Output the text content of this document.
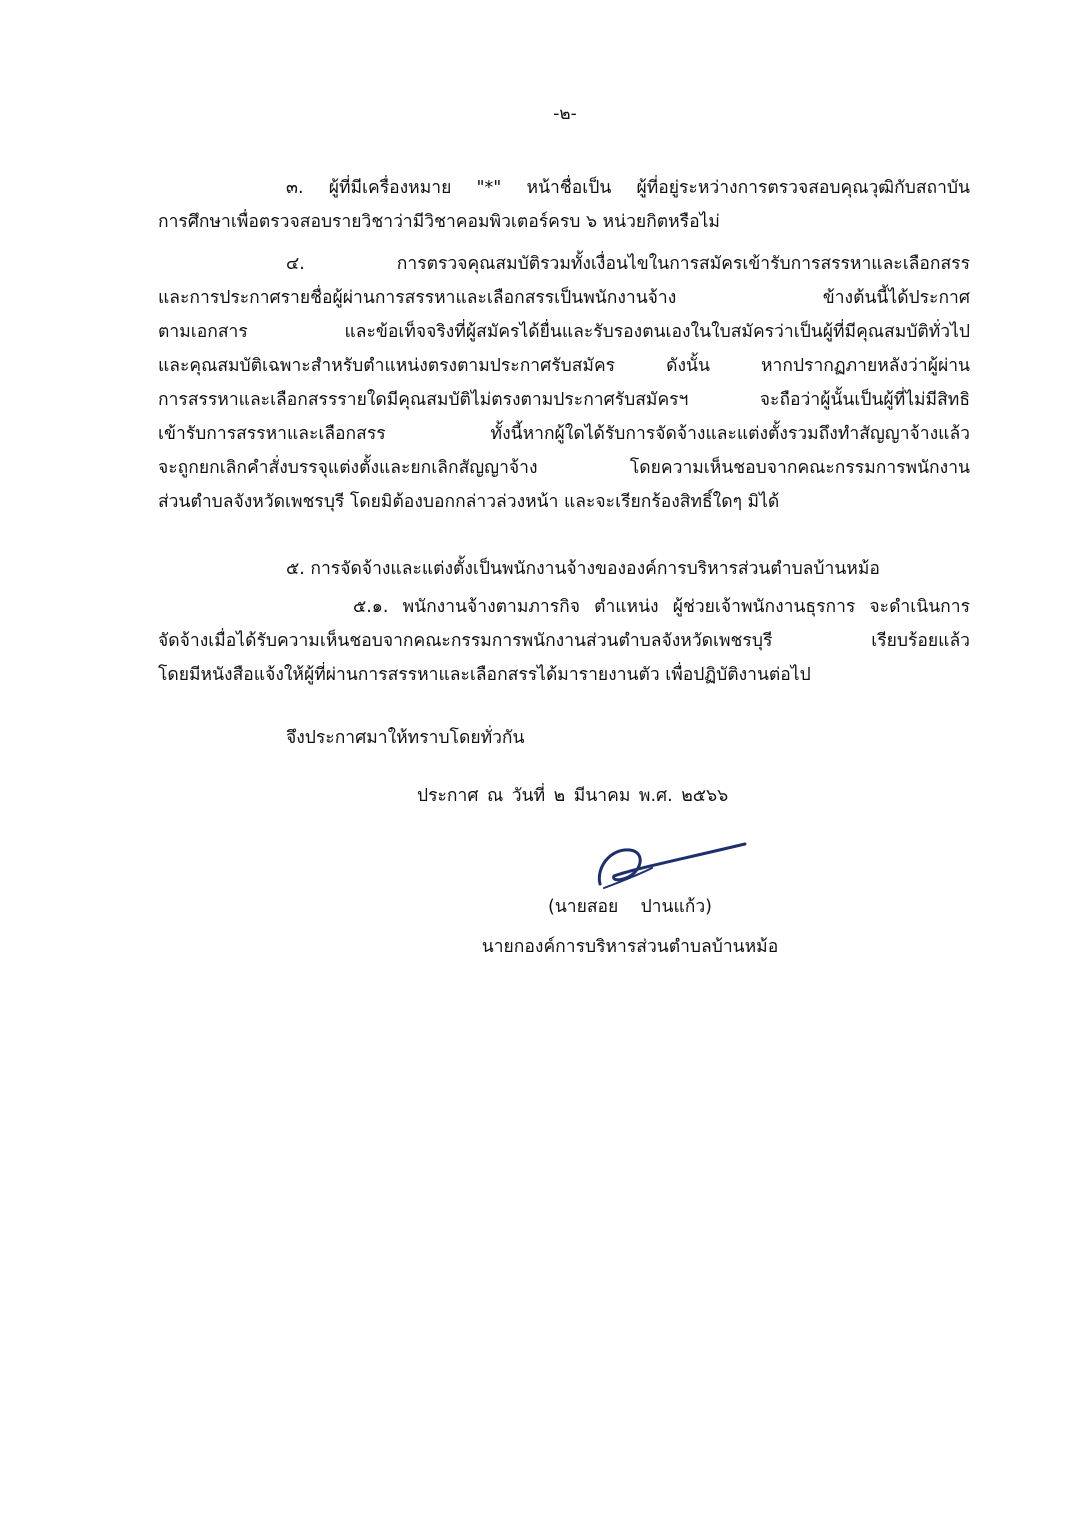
-๒-
๓. ผู้ที่มีเครื่องหมาย "*" หน้าชื่อเป็น ผู้ที่อยู่ระหว่างการตรวจสอบคุณวุฒิกับสถาบัน
การศึกษาเพื่อตรวจสอบรายวิชาว่ามีวิชาคอมพิวเตอร์ครบ ๖ หน่วยกิตหรือไม่
๔. การตรวจคุณสมบัติรวมทั้งเงื่อนไขในการสมัครเข้ารับการสรรหาและเลือกสรร
และการประกาศรายชื่อผู้ผ่านการสรรหาและเลือกสรรเป็นพนักงานจ้าง ข้างต้นนี้ได้ประกาศ
ตามเอกสาร และข้อเท็จจริงที่ผู้สมัครได้ยื่นและรับรองตนเองในใบสมัครว่าเป็นผู้ที่มีคุณสมบัติทั่วไป
และคุณสมบัติเฉพาะสำหรับตำแหน่งตรงตามประกาศรับสมัคร ดังนั้น หากปรากฏภายหลังว่าผู้ผ่าน
การสรรหาและเลือกสรรรายใดมีคุณสมบัติไม่ตรงตามประกาศรับสมัครฯ จะถือว่าผู้นั้นเป็นผู้ที่ไม่มีสิทธิ
เข้ารับการสรรหาและเลือกสรร ทั้งนี้หากผู้ใดได้รับการจัดจ้างและแต่งตั้งรวมถึงทำสัญญาจ้างแล้ว
จะถูกยกเลิกคำสั่งบรรจุแต่งตั้งและยกเลิกสัญญาจ้าง โดยความเห็นชอบจากคณะกรรมการพนักงาน
ส่วนตำบลจังหวัดเพชรบุรี โดยมิต้องบอกกล่าวล่วงหน้า และจะเรียกร้องสิทธิ์ใดๆ มิได้
๕. การจัดจ้างและแต่งตั้งเป็นพนักงานจ้างขององค์การบริหารส่วนตำบลบ้านหม้อ
๕.๑. พนักงานจ้างตามภารกิจ ตำแหน่ง ผู้ช่วยเจ้าพนักงานธุรการ จะดำเนินการ
จัดจ้างเมื่อได้รับความเห็นชอบจากคณะกรรมการพนักงานส่วนตำบลจังหวัดเพชรบุรี เรียบร้อยแล้ว
โดยมีหนังสือแจ้งให้ผู้ที่ผ่านการสรรหาและเลือกสรรได้มารายงานตัว เพื่อปฏิบัติงานต่อไป
จึงประกาศมาให้ทราบโดยทั่วกัน
ประกาศ ณ วันที่ ๒ มีนาคม พ.ศ. ๒๕๖๖
(นายสอย    ปานแก้ว)
นายกองค์การบริหารส่วนตำบลบ้านหม้อ
